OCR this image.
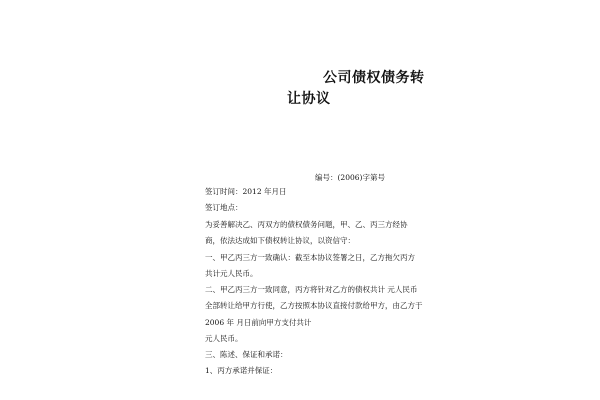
公司债权债务转
让协议
编号：(2006)字第号
签订时间：2012 年月日
签订地点：
为妥善解决乙、丙双方的债权债务问题，甲、乙、丙三方经协
商，依法达成如下债权转让协议，以资信守：
一、甲乙丙三方一致确认：截至本协议签署之日，乙方拖欠丙方
共计元人民币。
二、甲乙丙三方一致同意，丙方将针对乙方的债权共计 元人民币
全部转让给甲方行使，乙方按照本协议直接付款给甲方，由乙方于
2006 年 月日前向甲方支付共计
元人民币。
三、陈述、保证和承诺：
1、丙方承诺并保证：
